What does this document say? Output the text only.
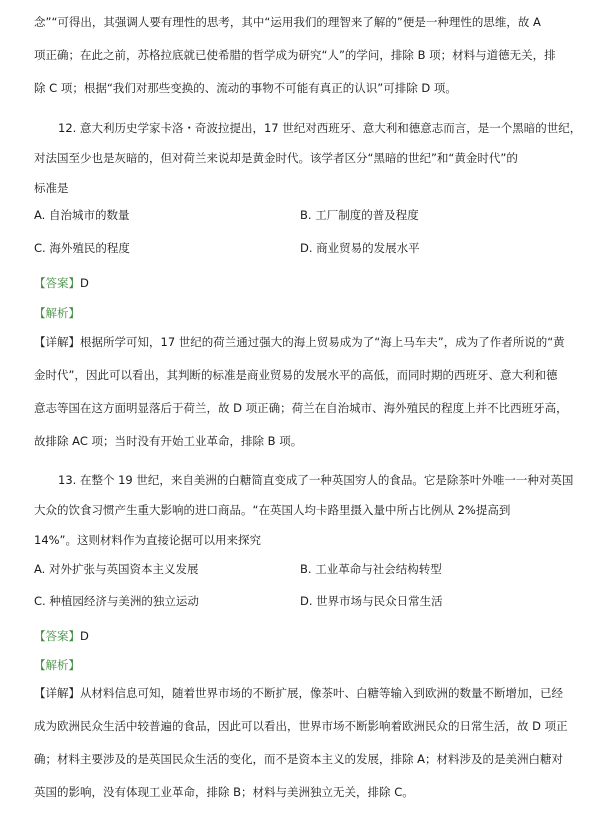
念”“可得出，其强调人要有理性的思考，其中“运用我们的理智来了解的”便是一种理性的思维，故 A
项正确；在此之前，苏格拉底就已使希腊的哲学成为研究“人”的学问，排除 B 项；材料与道德无关，排
除 C 项；根据“我们对那些变换的、流动的事物不可能有真正的认识”可排除 D 项。
12. 意大利历史学家卡洛・奇波拉提出，17 世纪对西班牙、意大利和德意志而言，是一个黑暗的世纪，
对法国至少也是灰暗的，但对荷兰来说却是黄金时代。该学者区分“黑暗的世纪”和“黄金时代”的
标准是
A. 自治城市的数量	B. 工厂制度的普及程度
C. 海外殖民的程度	D. 商业贸易的发展水平
【答案】D
【解析】
【详解】根据所学可知，17 世纪的荷兰通过强大的海上贸易成为了“海上马车夫”，成为了作者所说的“黄
金时代”，因此可以看出，其判断的标准是商业贸易的发展水平的高低，而同时期的西班牙、意大利和德
意志等国在这方面明显落后于荷兰，故 D 项正确；荷兰在自治城市、海外殖民的程度上并不比西班牙高，
故排除 AC 项；当时没有开始工业革命，排除 B 项。
13. 在整个 19 世纪，来自美洲的白糖简直变成了一种英国穷人的食品。它是除茶叶外唯一一种对英国
大众的饮食习惯产生重大影响的进口商品。“在英国人均卡路里摄入量中所占比例从 2%提高到
14%”。这则材料作为直接论据可以用来探究
A. 对外扩张与英国资本主义发展	B. 工业革命与社会结构转型
C. 种植园经济与美洲的独立运动	D. 世界市场与民众日常生活
【答案】D
【解析】
【详解】从材料信息可知，随着世界市场的不断扩展，像茶叶、白糖等输入到欧洲的数量不断增加，已经
成为欧洲民众生活中较普遍的食品，因此可以看出，世界市场不断影响着欧洲民众的日常生活，故 D 项正
确；材料主要涉及的是英国民众生活的变化，而不是资本主义的发展，排除 A；材料涉及的是美洲白糖对
英国的影响，没有体现工业革命，排除 B；材料与美洲独立无关，排除 C。
